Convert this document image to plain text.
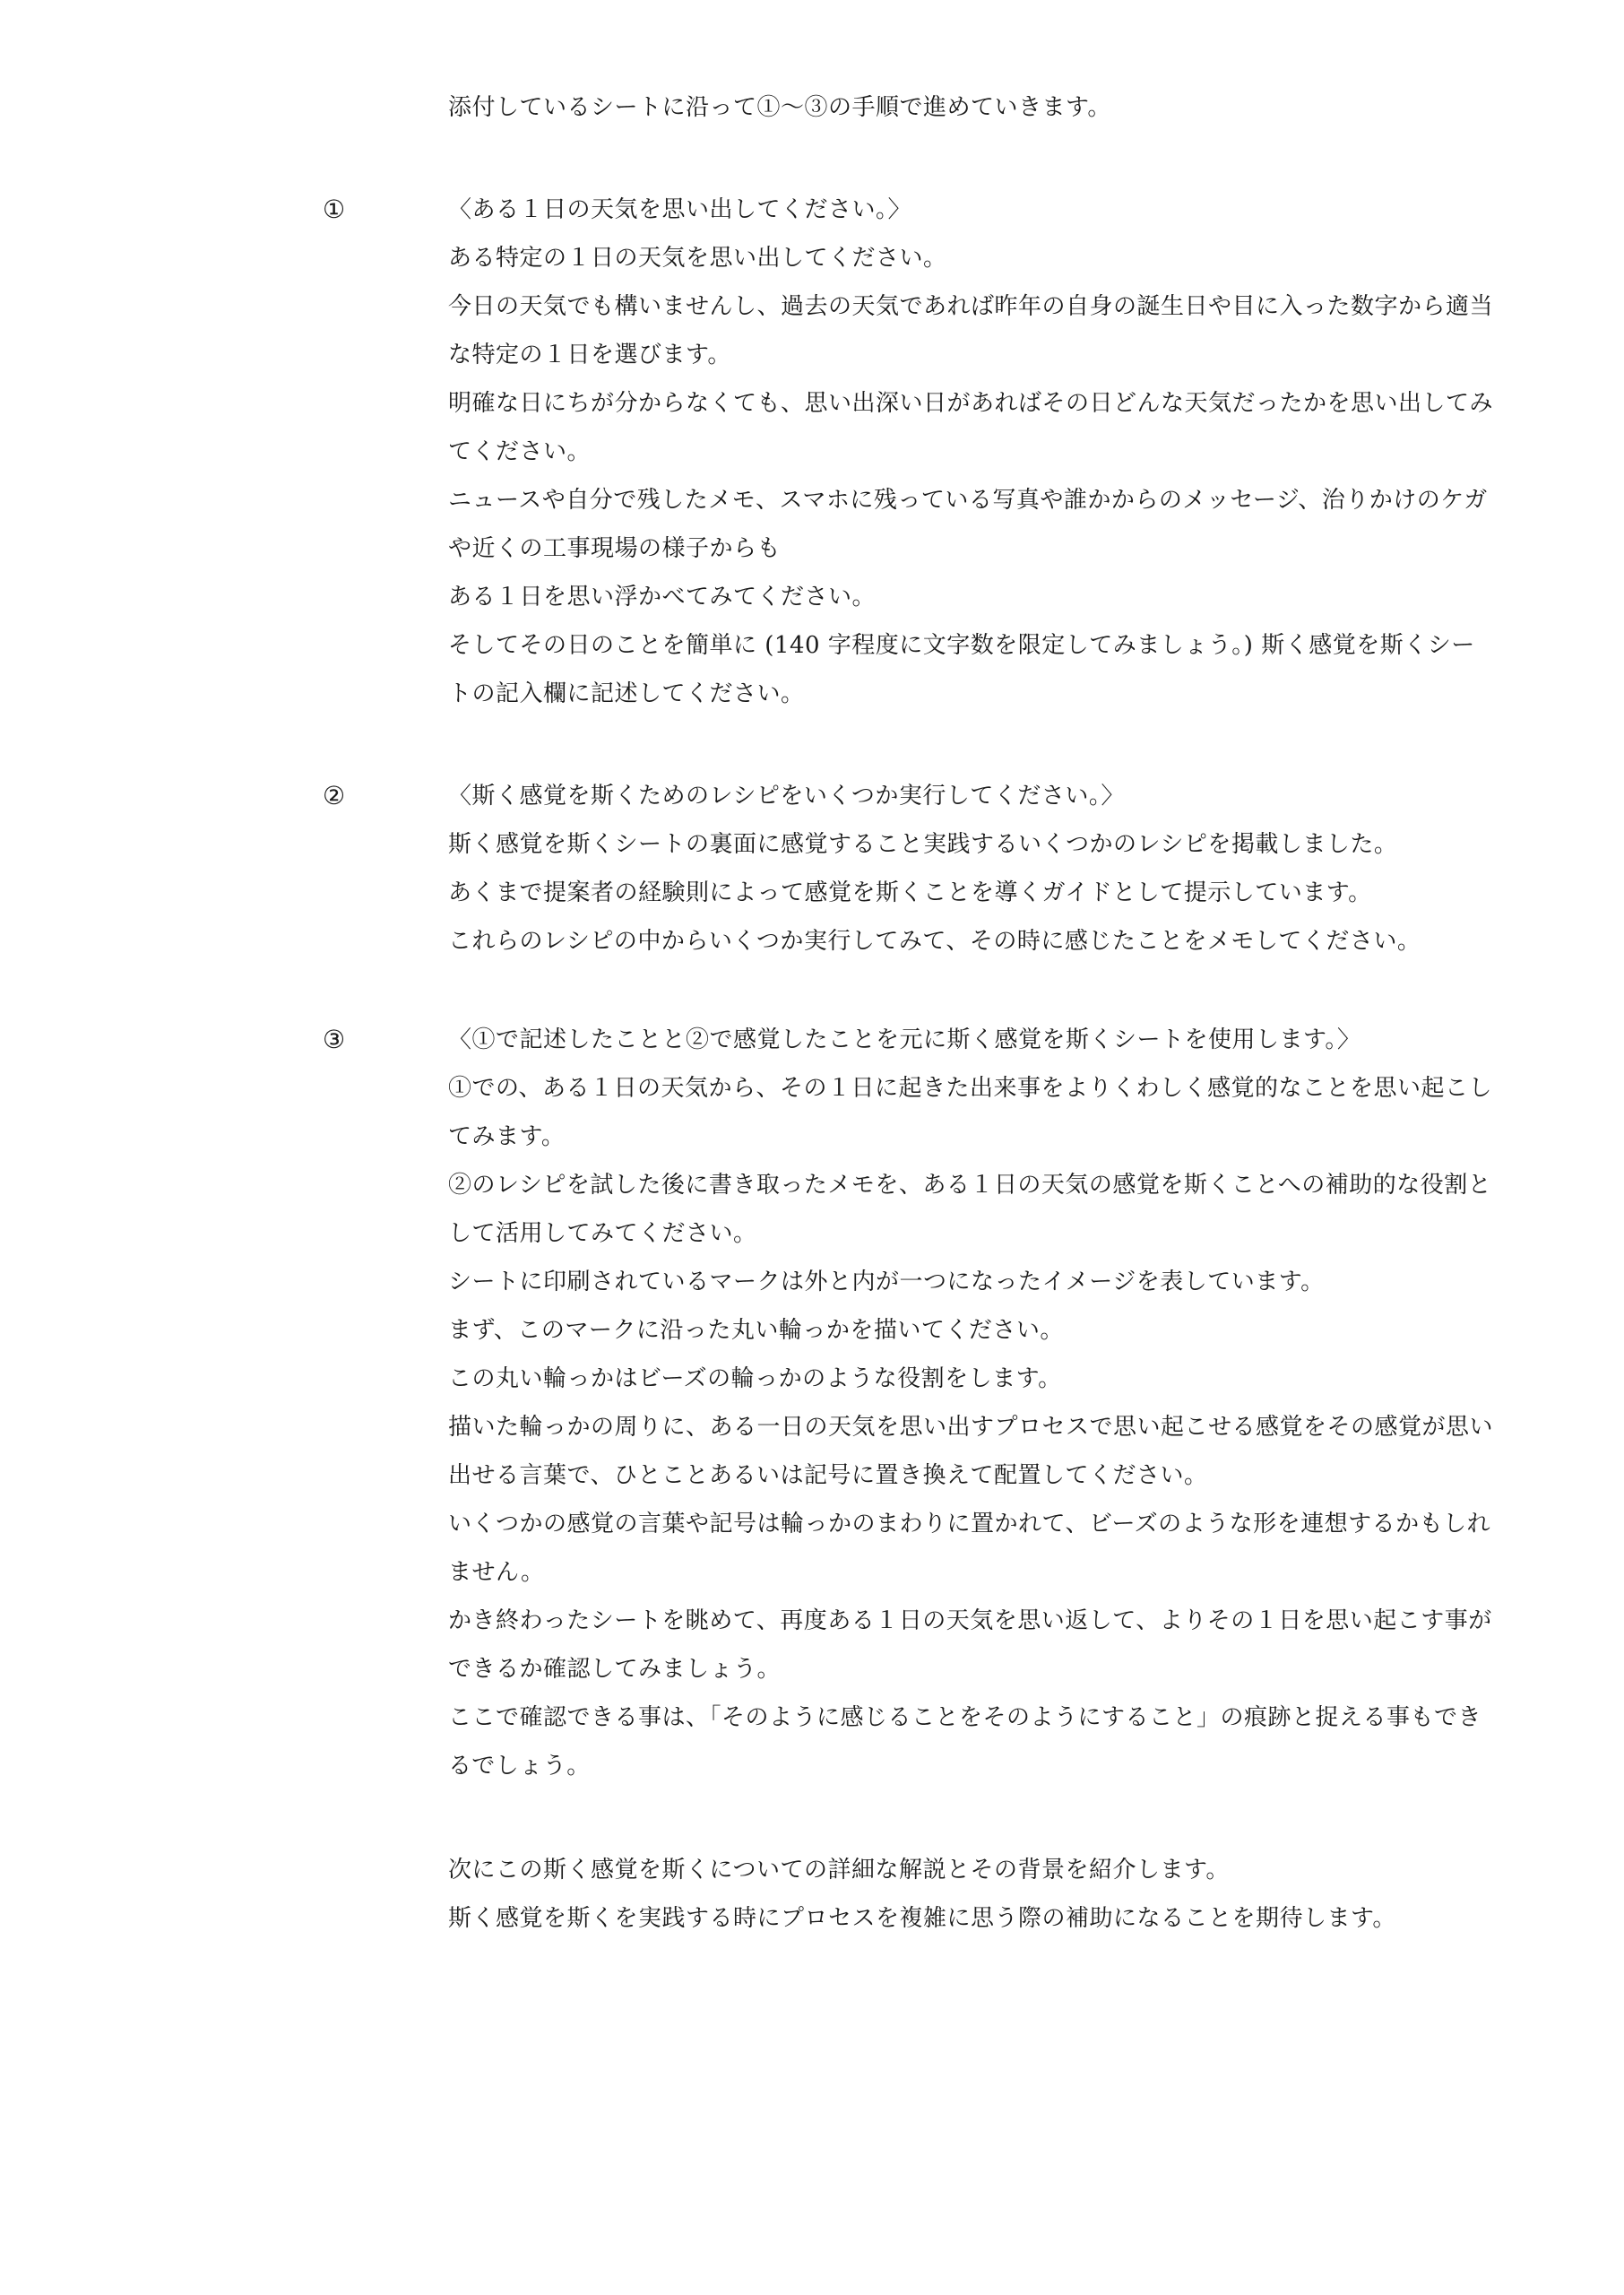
添付しているシートに沿って①〜③の手順で進めていきます。
①	〈ある１日の天気を思い出してください。〉
ある特定の１日の天気を思い出してください。
今日の天気でも構いませんし、過去の天気であれば昨年の自身の誕生日や目に入った数字から適当
な特定の１日を選びます。
明確な日にちが分からなくても、思い出深い日があればその日どんな天気だったかを思い出してみ
てください。
ニュースや自分で残したメモ、スマホに残っている写真や誰かからのメッセージ、治りかけのケガ
や近くの工事現場の様子からも
ある１日を思い浮かべてみてください。
そしてその日のことを簡単に (140 字程度に文字数を限定してみましょう。) 斯く感覚を斯くシー
トの記入欄に記述してください。
②	〈斯く感覚を斯くためのレシピをいくつか実行してください。〉
斯く感覚を斯くシートの裏面に感覚すること実践するいくつかのレシピを掲載しました。
あくまで提案者の経験則によって感覚を斯くことを導くガイドとして提示しています。
これらのレシピの中からいくつか実行してみて、その時に感じたことをメモしてください。
③	〈①で記述したことと②で感覚したことを元に斯く感覚を斯くシートを使用します。〉
①での、ある１日の天気から、その１日に起きた出来事をよりくわしく感覚的なことを思い起こし
てみます。
②のレシピを試した後に書き取ったメモを、ある１日の天気の感覚を斯くことへの補助的な役割と
して活用してみてください。
シートに印刷されているマークは外と内が一つになったイメージを表しています。
まず、このマークに沿った丸い輪っかを描いてください。
この丸い輪っかはビーズの輪っかのような役割をします。
描いた輪っかの周りに、ある一日の天気を思い出すプロセスで思い起こせる感覚をその感覚が思い
出せる言葉で、ひとことあるいは記号に置き換えて配置してください。
いくつかの感覚の言葉や記号は輪っかのまわりに置かれて、ビーズのような形を連想するかもしれ
ません。
かき終わったシートを眺めて、再度ある１日の天気を思い返して、よりその１日を思い起こす事が
できるか確認してみましょう。
ここで確認できる事は、「そのように感じることをそのようにすること」の痕跡と捉える事もでき
るでしょう。
次にこの斯く感覚を斯くについての詳細な解説とその背景を紹介します。
斯く感覚を斯くを実践する時にプロセスを複雑に思う際の補助になることを期待します。
